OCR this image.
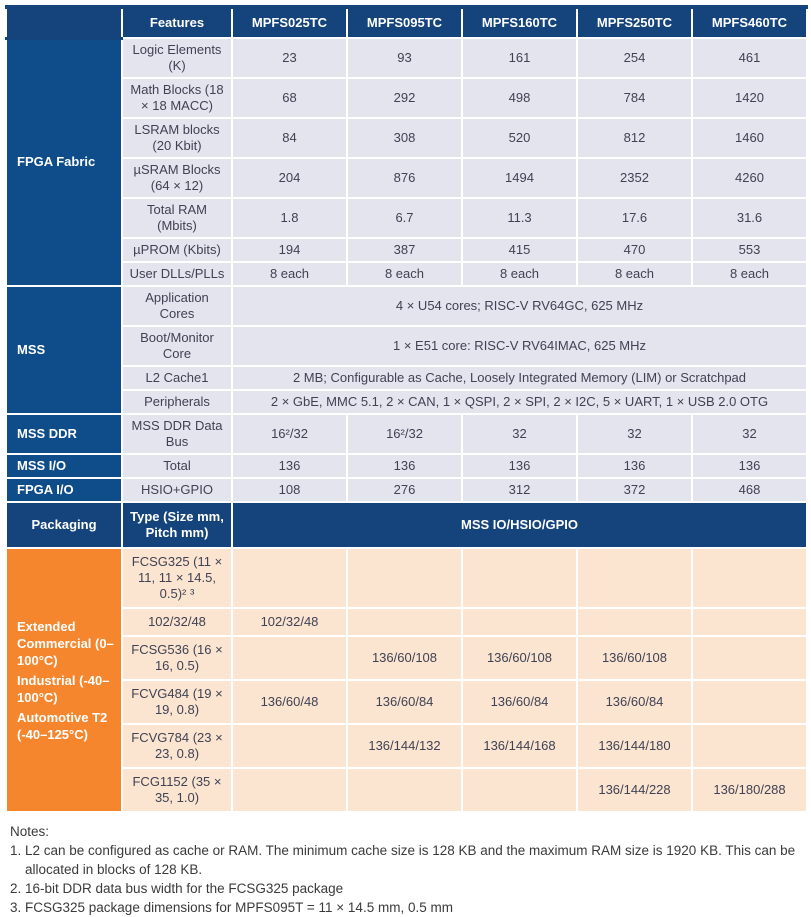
	Features	MPFS025TC	MPFS095TC	MPFS160TC	MPFS250TC	MPFS460TC
FPGA Fabric	Logic Elements (K)	23	93	161	254	461
	Math Blocks (18 × 18 MACC)	68	292	498	784	1420
	LSRAM blocks (20 Kbit)	84	308	520	812	1460
	µSRAM Blocks (64 × 12)	204	876	1494	2352	4260
	Total RAM (Mbits)	1.8	6.7	11.3	17.6	31.6
	µPROM (Kbits)	194	387	415	470	553
	User DLLs/PLLs	8 each	8 each	8 each	8 each	8 each
MSS	Application Cores	4 × U54 cores; RISC-V RV64GC, 625 MHz				
	Boot/Monitor Core	1 × E51 core: RISC-V RV64IMAC, 625 MHz				
	L2 Cache1	2 MB; Configurable as Cache, Loosely Integrated Memory (LIM) or Scratchpad				
	Peripherals	2 × GbE, MMC 5.1, 2 × CAN, 1 × QSPI, 2 × SPI, 2 × I2C, 5 × UART, 1 × USB 2.0 OTG				
MSS DDR	MSS DDR Data Bus	16²/32	16²/32	32	32	32
MSS I/O	Total	136	136	136	136	136
FPGA I/O	HSIO+GPIO	108	276	312	372	468
Packaging	Type (Size mm, Pitch mm)	MSS IO/HSIO/GPIO				

Extended Commercial (0–100°C)
Industrial (-40–100°C)
Automotive T2 (-40–125°C)	FCSG325 (11 × 11, 11 × 14.5, 0.5)² ³					
	102/32/48	102/32/48				
	FCSG536 (16 × 16, 0.5)		136/60/108	136/60/108	136/60/108	
	FCVG484 (19 × 19, 0.8)	136/60/48	136/60/84	136/60/84	136/60/84	
	FCVG784 (23 × 23, 0.8)		136/144/132	136/144/168	136/144/180	
	FCG1152 (35 × 35, 1.0)				136/144/228	136/180/288
Notes:
1. L2 can be configured as cache or RAM. The minimum cache size is 128 KB and the maximum RAM size is 1920 KB. This can be allocated in blocks of 128 KB.
2. 16-bit DDR data bus width for the FCSG325 package
3. FCSG325 package dimensions for MPFS095T = 11 × 14.5 mm, 0.5 mm
